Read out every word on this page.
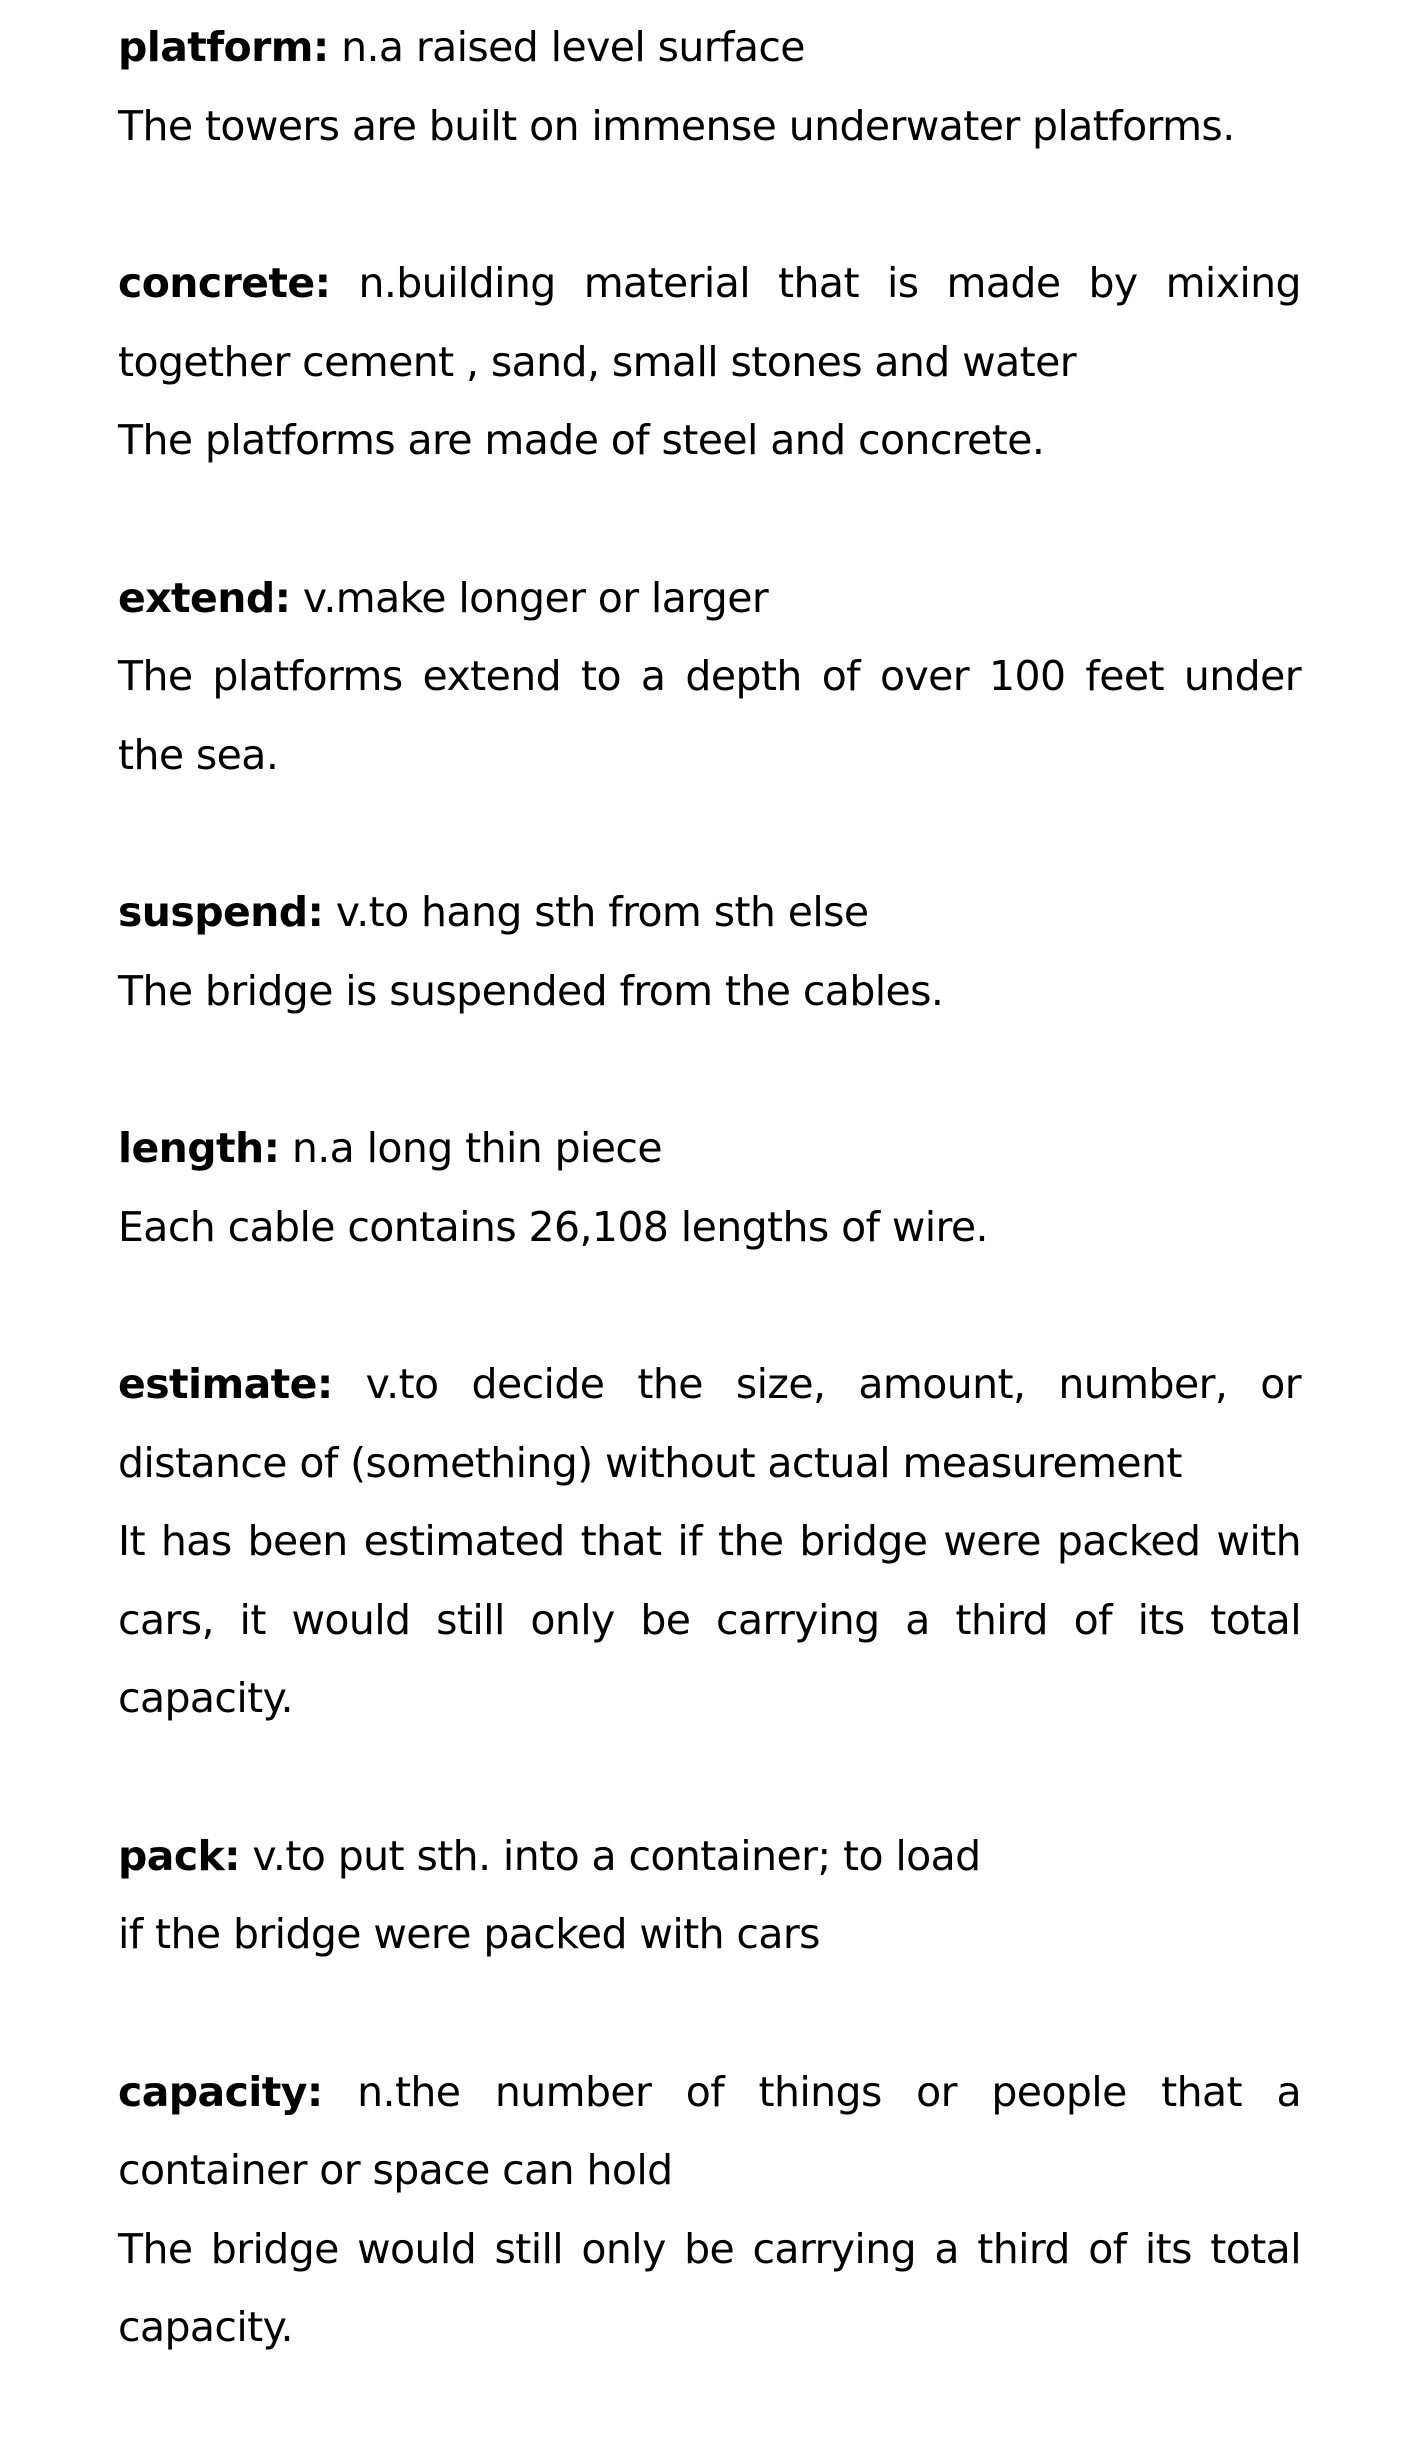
platform: n.a raised level surface

The towers are built on immense underwater platforms.

concrete: n.building material that is made by mixing together cement , sand, small stones and water

The platforms are made of steel and concrete.

extend: v.make longer or larger

The platforms extend to a depth of over 100 feet under the sea.

suspend: v.to hang sth from sth else

The bridge is suspended from the cables.

length: n.a long thin piece

Each cable contains 26,108 lengths of wire.

estimate: v.to decide the size, amount, number, or distance of (something) without actual measurement

It has been estimated that if the bridge were packed with cars, it would still only be carrying a third of its total capacity.

pack: v.to put sth. into a container; to load

if the bridge were packed with cars

capacity: n.the number of things or people that a container or space can hold

The bridge would still only be carrying a third of its total capacity.
